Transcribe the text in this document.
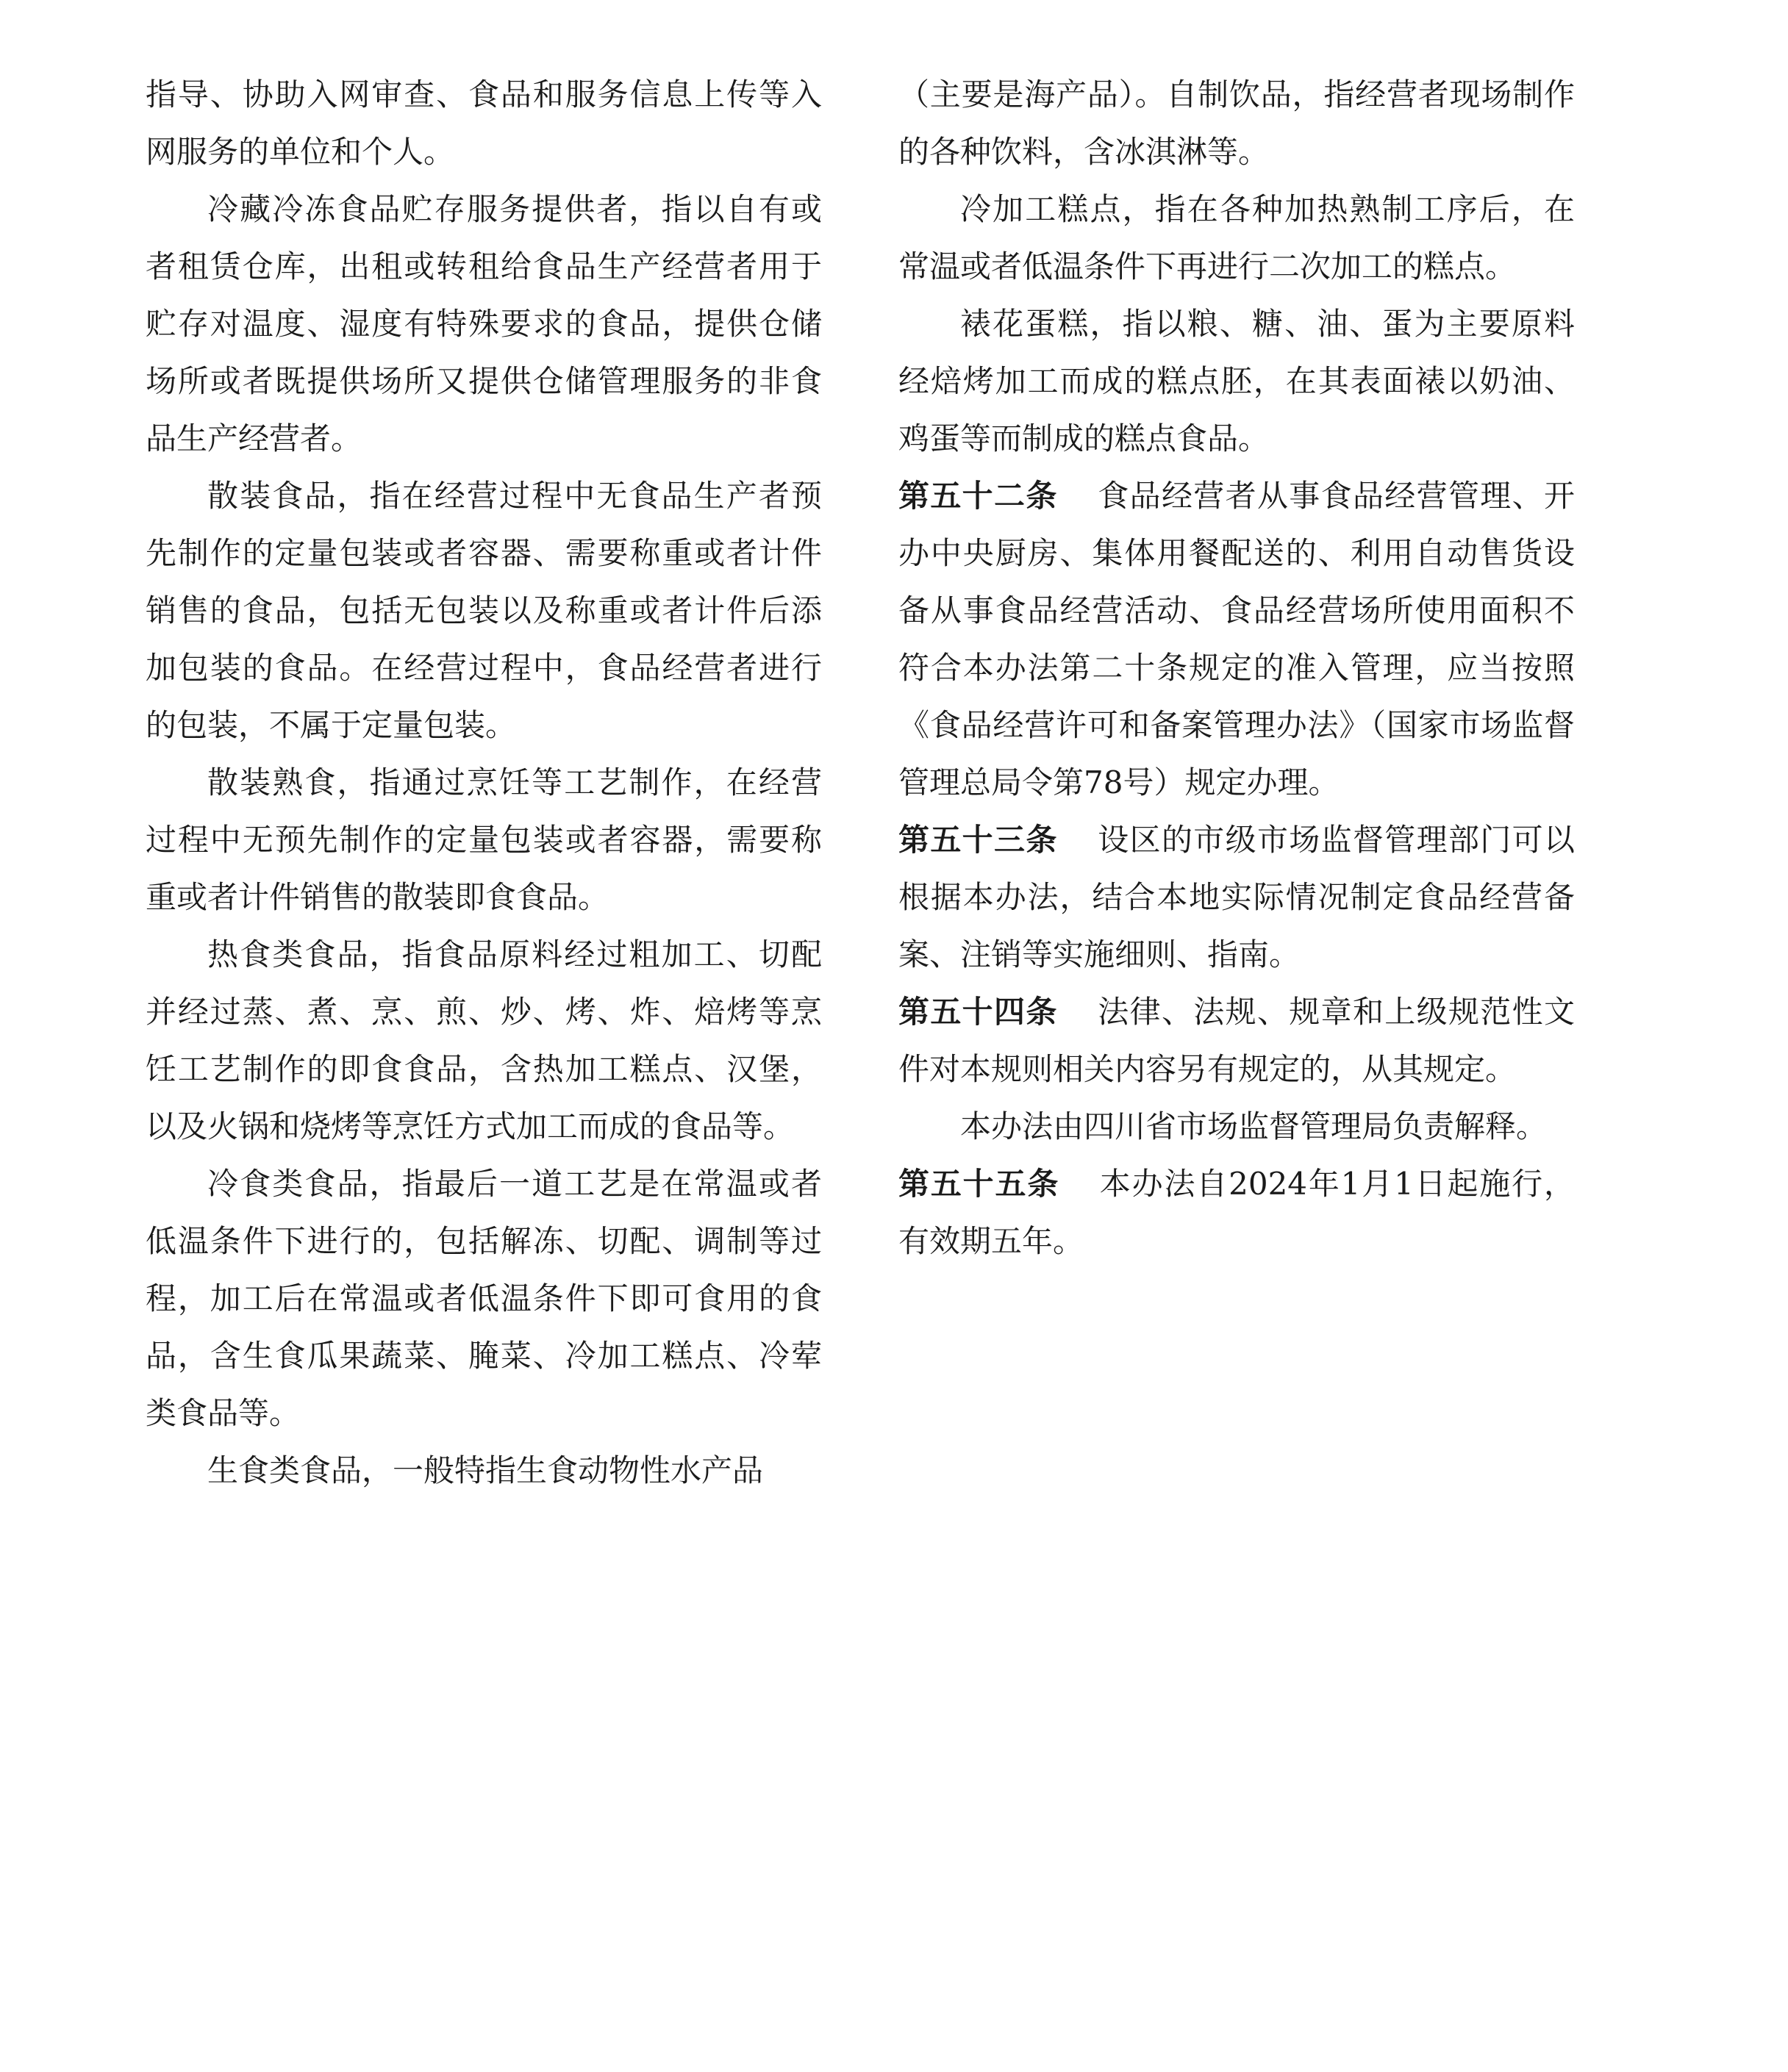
指导、协助入网审查、食品和服务信息上传等入网服务的单位和个人。

冷藏冷冻食品贮存服务提供者，指以自有或者租赁仓库，出租或转租给食品生产经营者用于贮存对温度、湿度有特殊要求的食品，提供仓储场所或者既提供场所又提供仓储管理服务的非食品生产经营者。

散装食品，指在经营过程中无食品生产者预先制作的定量包装或者容器、需要称重或者计件销售的食品，包括无包装以及称重或者计件后添加包装的食品。在经营过程中，食品经营者进行的包装，不属于定量包装。

散装熟食，指通过烹饪等工艺制作，在经营过程中无预先制作的定量包装或者容器，需要称重或者计件销售的散装即食食品。

热食类食品，指食品原料经过粗加工、切配并经过蒸、煮、烹、煎、炒、烤、炸、焙烤等烹饪工艺制作的即食食品，含热加工糕点、汉堡，以及火锅和烧烤等烹饪方式加工而成的食品等。

冷食类食品，指最后一道工艺是在常温或者低温条件下进行的，包括解冻、切配、调制等过程，加工后在常温或者低温条件下即可食用的食品，含生食瓜果蔬菜、腌菜、冷加工糕点、冷荤类食品等。

生食类食品，一般特指生食动物性水产品

（主要是海产品）。自制饮品，指经营者现场制作的各种饮料，含冰淇淋等。

冷加工糕点，指在各种加热熟制工序后，在常温或者低温条件下再进行二次加工的糕点。

裱花蛋糕，指以粮、糖、油、蛋为主要原料经焙烤加工而成的糕点胚，在其表面裱以奶油、鸡蛋等而制成的糕点食品。

第五十二条 食品经营者从事食品经营管理、开办中央厨房、集体用餐配送的、利用自动售货设备从事食品经营活动、食品经营场所使用面积不符合本办法第二十条规定的准入管理，应当按照《食品经营许可和备案管理办法》（国家市场监督管理总局令第78号）规定办理。

第五十三条 设区的市级市场监督管理部门可以根据本办法，结合本地实际情况制定食品经营备案、注销等实施细则、指南。

第五十四条 法律、法规、规章和上级规范性文件对本规则相关内容另有规定的，从其规定。

本办法由四川省市场监督管理局负责解释。

第五十五条 本办法自2024年1月1日起施行，有效期五年。
